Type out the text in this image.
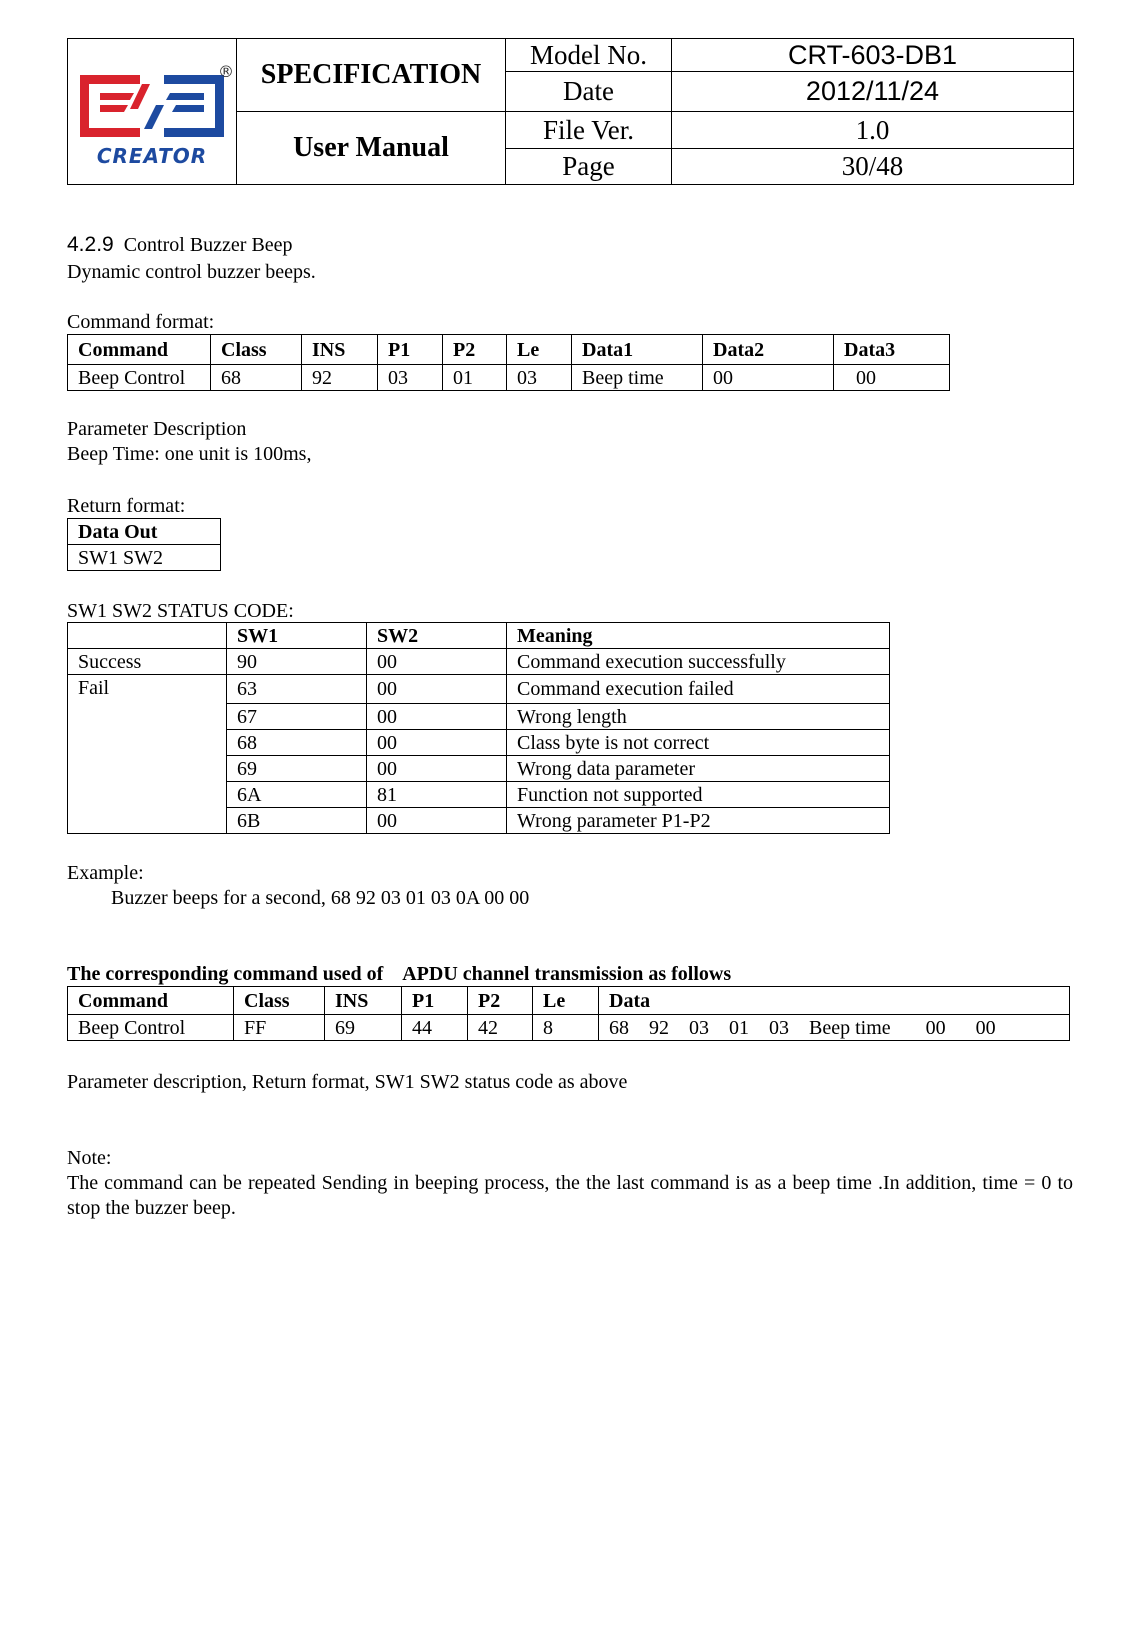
CREATOR
®	SPECIFICATION	Model No.	CRT-603-DB1
		Date	2012/11/24
	User Manual	File Ver.	1.0
		Page	30/48
4.2.9 Control Buzzer Beep
Dynamic control buzzer beeps.
Command format:
Command	Class	INS	P1	P2	Le	Data1	Data2	Data3
Beep Control	68	92	03	01	03	Beep time	00	00
Parameter Description
Beep Time: one unit is 100ms,
Return format:
Data Out
SW1 SW2
SW1 SW2 STATUS CODE:
	SW1	SW2	Meaning
Success	90	00	Command execution successfully
Fail	63	00	Command execution failed
	67	00	Wrong length
	68	00	Class byte is not correct
	69	00	Wrong data parameter
	6A	81	Function not supported
	6B	00	Wrong parameter P1-P2
Example:
Buzzer beeps for a second, 68 92 03 01 03 0A 00 00
The corresponding command used of    APDU channel transmission as follows
Command	Class	INS	P1	P2	Le	Data
Beep Control	FF	69	44	42	8	68    92    03    01    03    Beep time       00      00
Parameter description, Return format, SW1 SW2 status code as above
Note:
The command can be repeated Sending in beeping process, the the last command is as a beep time .In addition, time = 0 to stop the buzzer beep.
